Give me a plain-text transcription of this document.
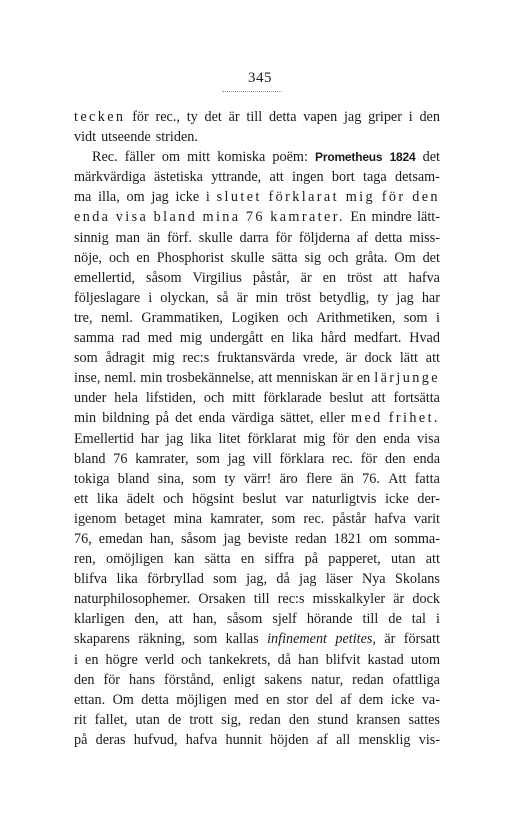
345
tecken för rec., ty det är till detta vapen jag griper i den
vidt utseende striden.
Rec. fäller om mitt komiska poëm: Prometheus 1824 det
märkvärdiga ästetiska yttrande, att ingen bort taga detsam-
ma illa, om jag icke i slutet förklarat mig för den
enda visa bland mina 76 kamrater. En mindre lätt-
sinnig man än förf. skulle darra för följderna af detta miss-
nöje, och en Phosphorist skulle sätta sig och gråta. Om det
emellertid, såsom Virgilius påstår, är en tröst att hafva
följeslagare i olyckan, så är min tröst betydlig, ty jag har
tre, neml. Grammatiken, Logiken och Arithmetiken, som i
samma rad med mig undergått en lika hård medfart. Hvad
som ådragit mig rec:s fruktansvärda vrede, är dock lätt att
inse, neml. min trosbekännelse, att menniskan är en lärjunge
under hela lifstiden, och mitt förklarade beslut att fortsätta
min bildning på det enda värdiga sättet, eller med frihet.
Emellertid har jag lika litet förklarat mig för den enda visa
bland 76 kamrater, som jag vill förklara rec. för den enda
tokiga bland sina, som ty värr! äro flere än 76. Att fatta
ett lika ädelt och högsint beslut var naturligtvis icke der-
igenom betaget mina kamrater, som rec. påstår hafva varit
76, emedan han, såsom jag beviste redan 1821 om somma-
ren, omöjligen kan sätta en siffra på papperet, utan att
blifva lika förbryllad som jag, då jag läser Nya Skolans
naturphilosophemer. Orsaken till rec:s misskalkyler är dock
klarligen den, att han, såsom sjelf hörande till de tal i
skaparens räkning, som kallas infinement petites, är försatt
i en högre verld och tankekrets, då han blifvit kastad utom
den för hans förstånd, enligt sakens natur, redan ofattliga
ettan. Om detta möjligen med en stor del af dem icke va-
rit fallet, utan de trott sig, redan den stund kransen sattes
på deras hufvud, hafva hunnit höjden af all mensklig vis-
